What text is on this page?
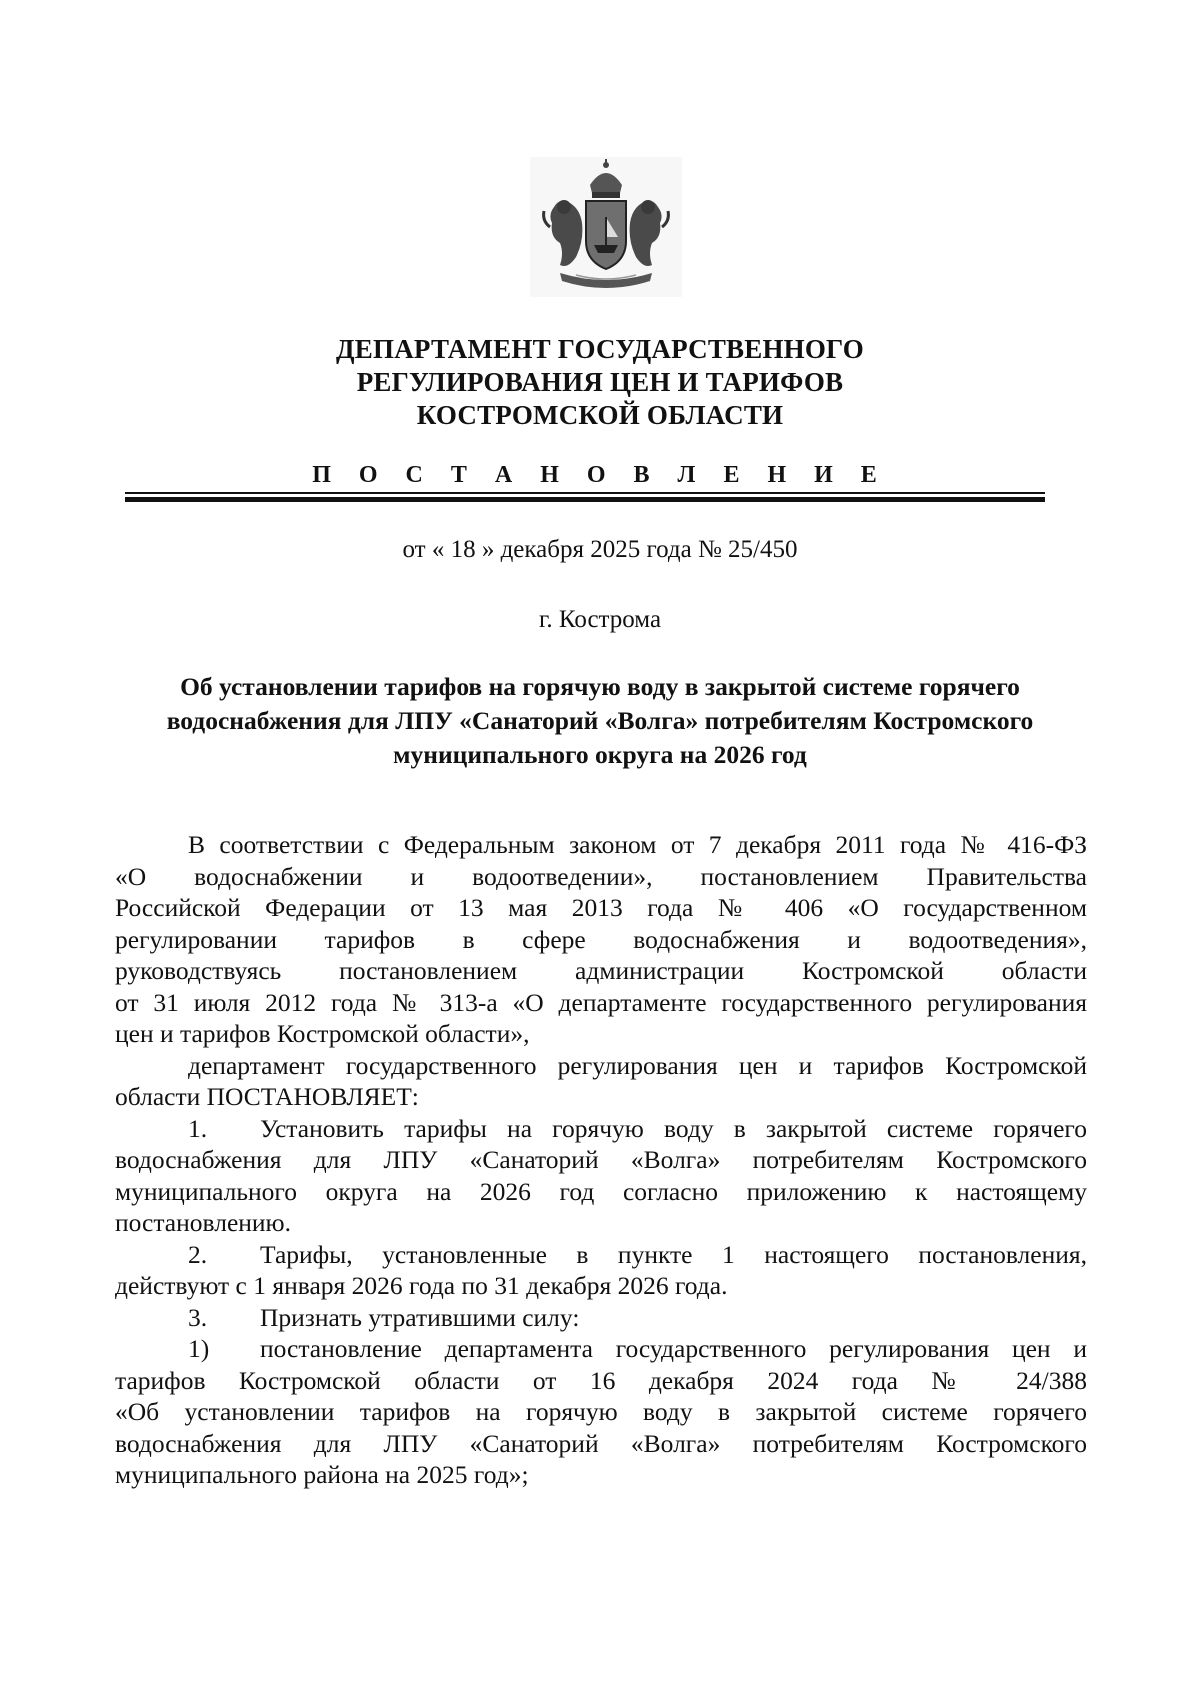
ДЕПАРТАМЕНТ ГОСУДАРСТВЕННОГО
РЕГУЛИРОВАНИЯ ЦЕН И ТАРИФОВ
КОСТРОМСКОЙ ОБЛАСТИ
П О С Т А Н О В Л Е Н И Е
от « 18 » декабря 2025 года № 25/450
г. Кострома
Об установлении тарифов на горячую воду в закрытой системе горячего
водоснабжения для ЛПУ «Санаторий «Волга» потребителям Костромского
муниципального округа на 2026 год
В соответствии с Федеральным законом от 7 декабря 2011 года № 416-ФЗ
«О водоснабжении и водоотведении», постановлением Правительства
Российской Федерации от 13 мая 2013 года № 406 «О государственном
регулировании тарифов в сфере водоснабжения и водоотведения»,
руководствуясь постановлением администрации Костромской области
от 31 июля 2012 года № 313-а «О департаменте государственного регулирования
цен и тарифов Костромской области»,
департамент государственного регулирования цен и тарифов Костромской
области ПОСТАНОВЛЯЕТ:
1. Установить тарифы на горячую воду в закрытой системе горячего
водоснабжения для ЛПУ «Санаторий «Волга» потребителям Костромского
муниципального округа на 2026 год согласно приложению к настоящему
постановлению.
2. Тарифы, установленные в пункте 1 настоящего постановления,
действуют с 1 января 2026 года по 31 декабря 2026 года.
3. Признать утратившими силу:
1) постановление департамента государственного регулирования цен и
тарифов Костромской области от 16 декабря 2024 года № 24/388
«Об установлении тарифов на горячую воду в закрытой системе горячего
водоснабжения для ЛПУ «Санаторий «Волга» потребителям Костромского
муниципального района на 2025 год»;
